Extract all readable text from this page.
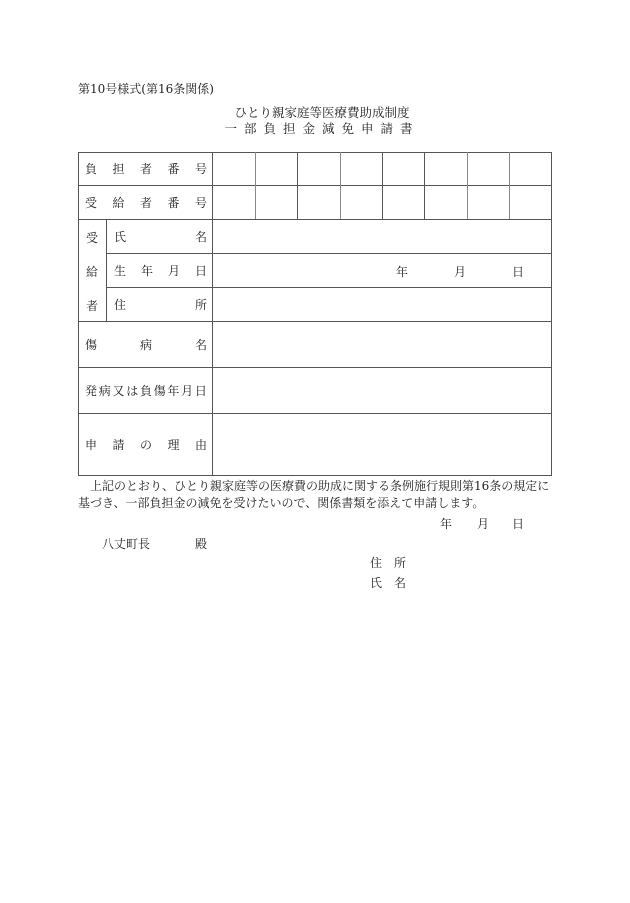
第10号様式(第16条関係)
ひとり親家庭等医療費助成制度
一部負担金減免申請書
負 担 者 番 号
受 給 者 番 号
受
給
者
氏	名
生 年 月 日	年	月	日
住	所
傷	病	名
発 病 又 は 負 傷 年 月 日
申 請 の 理 由
上記のとおり、ひとり親家庭等の医療費の助成に関する条例施行規則第16条の規定に基づき、一部負担金の減免を受けたいので、関係書類を添えて申請します。
年 月 日
八丈町長	殿
住　所
氏　名
